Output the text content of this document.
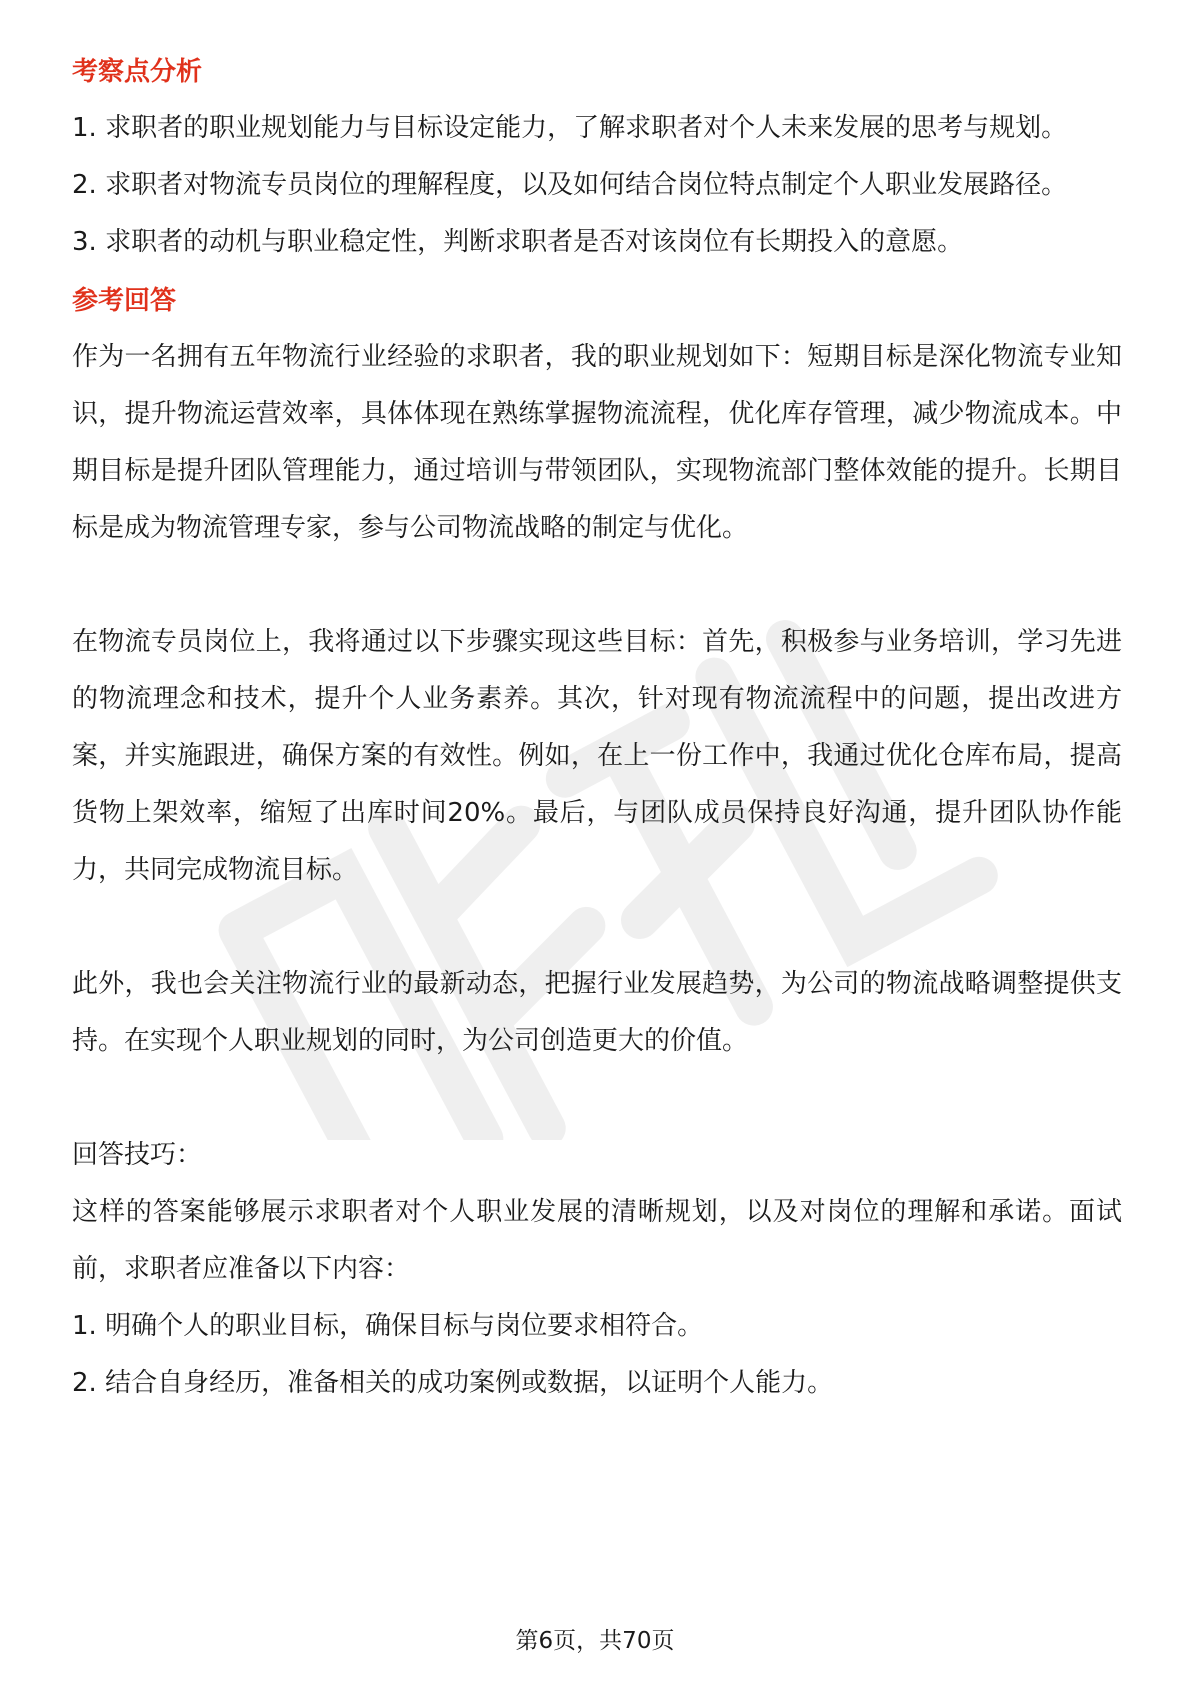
考察点分析

1. 求职者的职业规划能力与目标设定能力，了解求职者对个人未来发展的思考与规划。

2. 求职者对物流专员岗位的理解程度，以及如何结合岗位特点制定个人职业发展路径。

3. 求职者的动机与职业稳定性，判断求职者是否对该岗位有长期投入的意愿。

参考回答

作为一名拥有五年物流行业经验的求职者，我的职业规划如下：短期目标是深化物流专业知识，提升物流运营效率，具体体现在熟练掌握物流流程，优化库存管理，减少物流成本。中期目标是提升团队管理能力，通过培训与带领团队，实现物流部门整体效能的提升。长期目标是成为物流管理专家，参与公司物流战略的制定与优化。

在物流专员岗位上，我将通过以下步骤实现这些目标：首先，积极参与业务培训，学习先进的物流理念和技术，提升个人业务素养。其次，针对现有物流流程中的问题，提出改进方案，并实施跟进，确保方案的有效性。例如，在上一份工作中，我通过优化仓库布局，提高货物上架效率，缩短了出库时间20%。最后，与团队成员保持良好沟通，提升团队协作能力，共同完成物流目标。

此外，我也会关注物流行业的最新动态，把握行业发展趋势，为公司的物流战略调整提供支持。在实现个人职业规划的同时，为公司创造更大的价值。

回答技巧：

这样的答案能够展示求职者对个人职业发展的清晰规划，以及对岗位的理解和承诺。面试前，求职者应准备以下内容：

1. 明确个人的职业目标，确保目标与岗位要求相符合。

2. 结合自身经历，准备相关的成功案例或数据，以证明个人能力。

第6页，共70页
